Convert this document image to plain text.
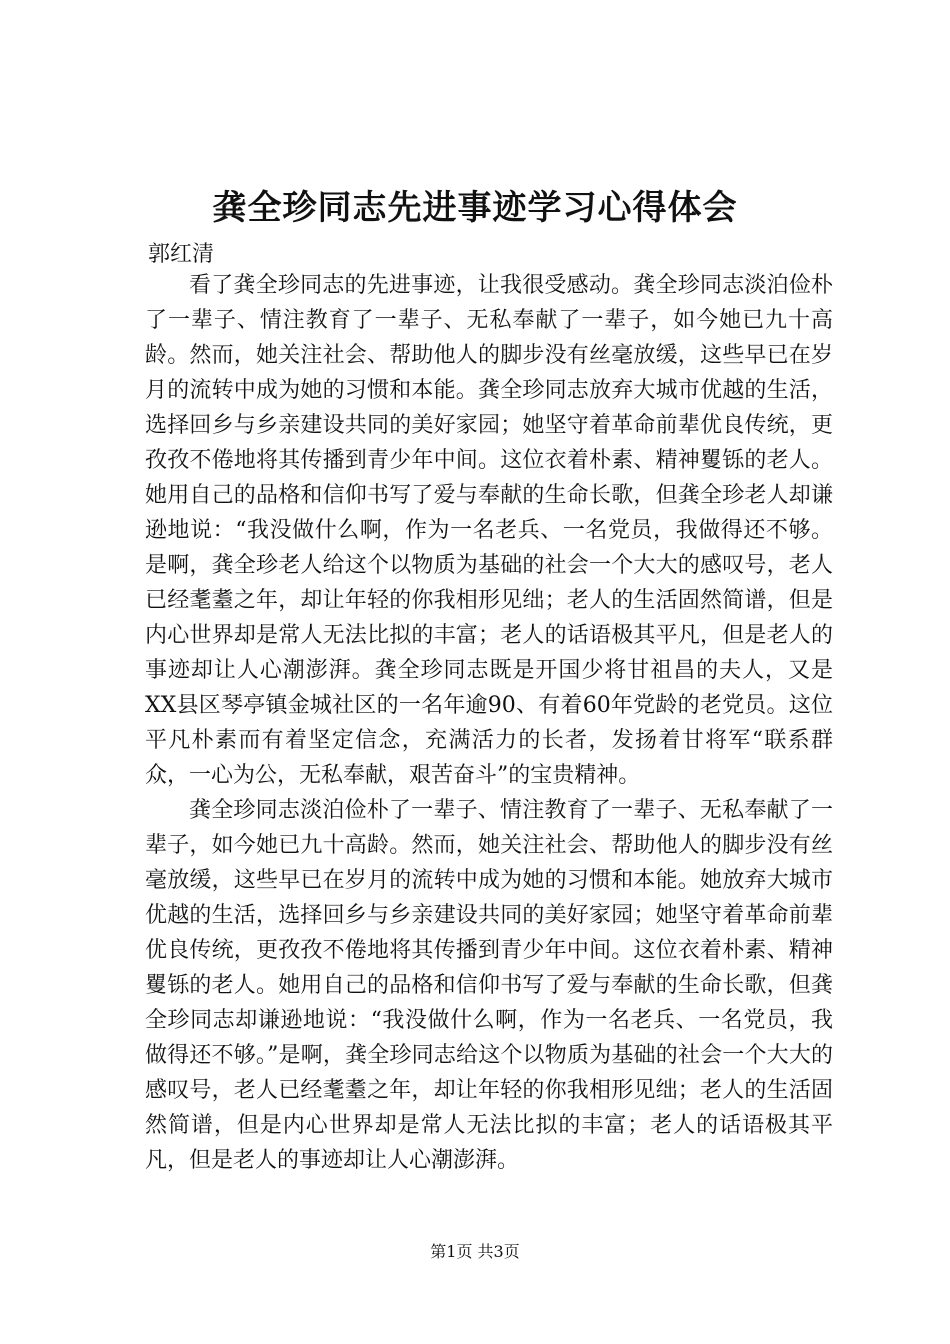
龚全珍同志先进事迹学习心得体会
郭红清

看了龚全珍同志的先进事迹，让我很受感动。龚全珍同志淡泊俭朴了一辈子、情注教育了一辈子、无私奉献了一辈子，如今她已九十高龄。然而，她关注社会、帮助他人的脚步没有丝毫放缓，这些早已在岁月的流转中成为她的习惯和本能。龚全珍同志放弃大城市优越的生活，选择回乡与乡亲建设共同的美好家园；她坚守着革命前辈优良传统，更孜孜不倦地将其传播到青少年中间。这位衣着朴素、精神矍铄的老人。她用自己的品格和信仰书写了爱与奉献的生命长歌，但龚全珍老人却谦逊地说：“我没做什么啊，作为一名老兵、一名党员，我做得还不够。是啊，龚全珍老人给这个以物质为基础的社会一个大大的感叹号，老人已经耄耋之年，却让年轻的你我相形见绌；老人的生活固然简谱，但是内心世界却是常人无法比拟的丰富；老人的话语极其平凡，但是老人的事迹却让人心潮澎湃。龚全珍同志既是开国少将甘祖昌的夫人，又是XX县区琴亭镇金城社区的一名年逾90、有着60年党龄的老党员。这位平凡朴素而有着坚定信念，充满活力的长者，发扬着甘将军“联系群众，一心为公，无私奉献，艰苦奋斗”的宝贵精神。

龚全珍同志淡泊俭朴了一辈子、情注教育了一辈子、无私奉献了一辈子，如今她已九十高龄。然而，她关注社会、帮助他人的脚步没有丝毫放缓，这些早已在岁月的流转中成为她的习惯和本能。她放弃大城市优越的生活，选择回乡与乡亲建设共同的美好家园；她坚守着革命前辈优良传统，更孜孜不倦地将其传播到青少年中间。这位衣着朴素、精神矍铄的老人。她用自己的品格和信仰书写了爱与奉献的生命长歌，但龚全珍同志却谦逊地说：“我没做什么啊，作为一名老兵、一名党员，我做得还不够。”是啊，龚全珍同志给这个以物质为基础的社会一个大大的感叹号，老人已经耄耋之年，却让年轻的你我相形见绌；老人的生活固然简谱，但是内心世界却是常人无法比拟的丰富；老人的话语极其平凡，但是老人的事迹却让人心潮澎湃。

第1页 共3页
